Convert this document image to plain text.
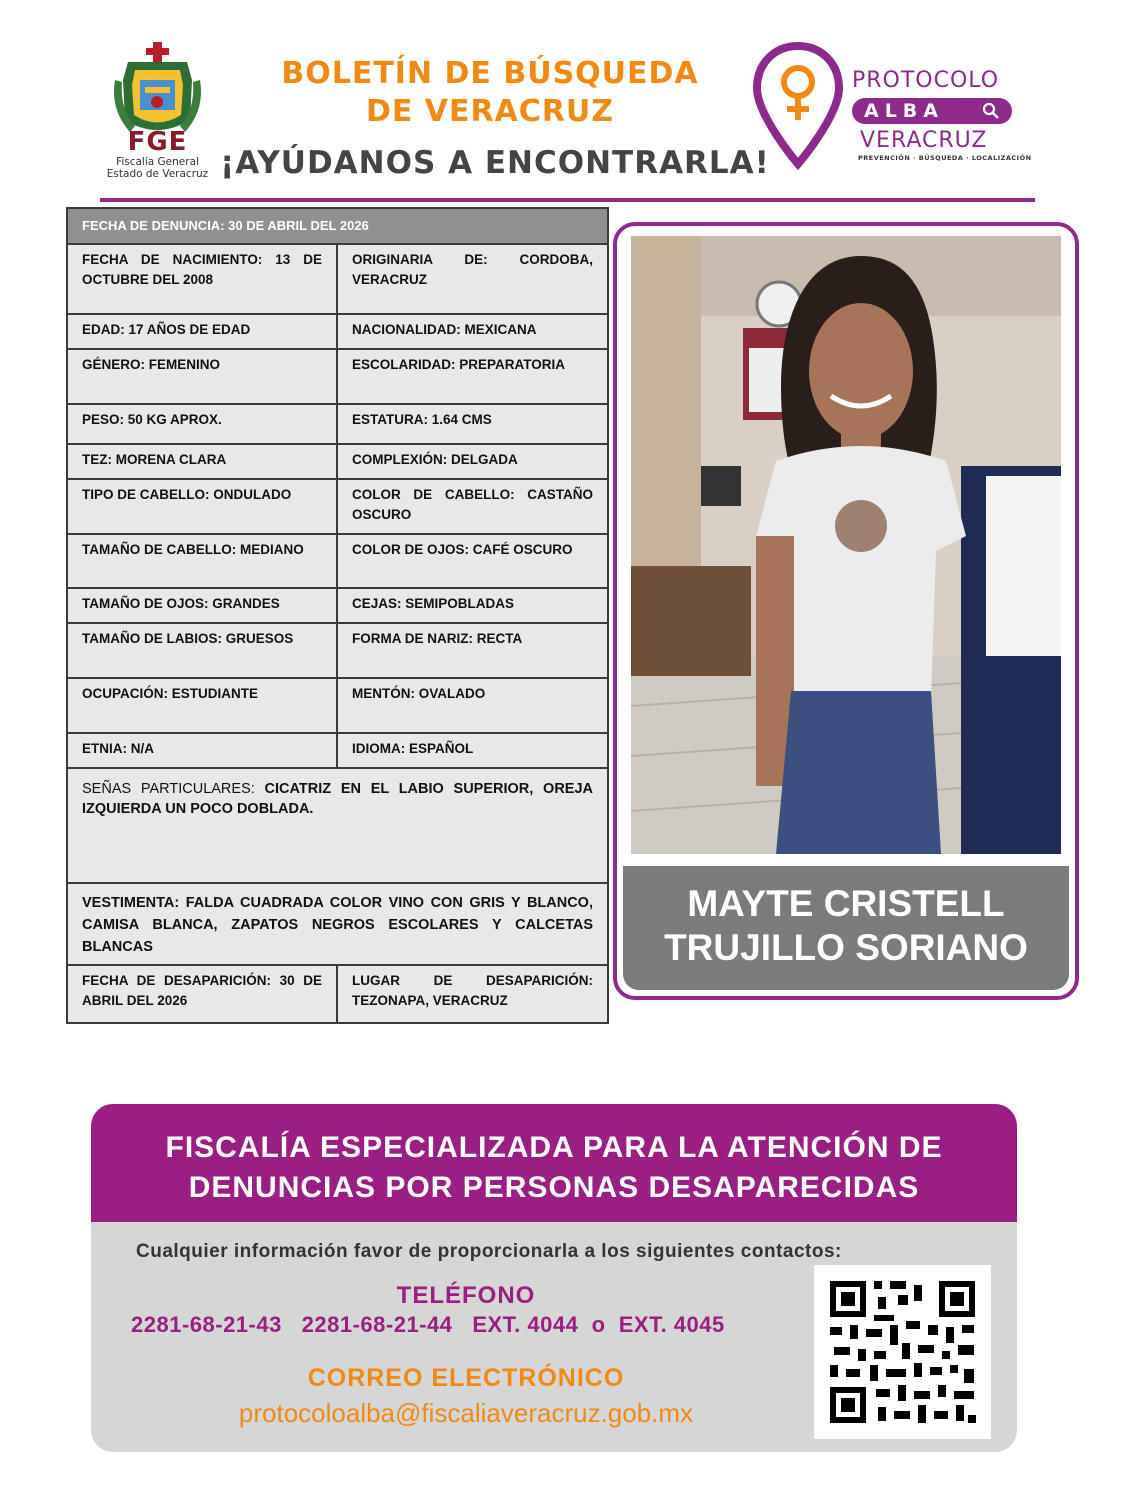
FGE
Fiscalía General
Estado de Veracruz
BOLETÍN DE BÚSQUEDA
DE VERACRUZ
¡AYÚDANOS A ENCONTRARLA!
PROTOCOLO
ALBA
VERACRUZ
PREVENCIÓN · BÚSQUEDA · LOCALIZACIÓN
FECHA DE DENUNCIA: 30 DE ABRIL DEL 2026	
FECHA DE NACIMIENTO: 13 DE OCTUBRE DEL 2008	ORIGINARIA DE: CORDOBA, VERACRUZ
EDAD: 17 AÑOS DE EDAD	NACIONALIDAD: MEXICANA
GÉNERO: FEMENINO	ESCOLARIDAD: PREPARATORIA
PESO: 50 KG APROX.	ESTATURA: 1.64 CMS
TEZ: MORENA CLARA	COMPLEXIÓN: DELGADA
TIPO DE CABELLO: ONDULADO	COLOR DE CABELLO: CASTAÑO OSCURO
TAMAÑO DE CABELLO: MEDIANO	COLOR DE OJOS: CAFÉ OSCURO
TAMAÑO DE OJOS: GRANDES	CEJAS: SEMIPOBLADAS
TAMAÑO DE LABIOS: GRUESOS	FORMA DE NARIZ: RECTA
OCUPACIÓN: ESTUDIANTE	MENTÓN: OVALADO
ETNIA: N/A	IDIOMA: ESPAÑOL
SEÑAS PARTICULARES: CICATRIZ EN EL LABIO SUPERIOR, OREJA IZQUIERDA UN POCO DOBLADA.	
VESTIMENTA: FALDA CUADRADA COLOR VINO CON GRIS Y BLANCO, CAMISA BLANCA, ZAPATOS NEGROS ESCOLARES Y CALCETAS BLANCAS	
FECHA DE DESAPARICIÓN: 30 DE ABRIL DEL 2026	LUGAR DE DESAPARICIÓN: TEZONAPA, VERACRUZ
MAYTE CRISTELL
TRUJILLO SORIANO
FISCALÍA ESPECIALIZADA PARA LA ATENCIÓN DE
DENUNCIAS POR PERSONAS DESAPARECIDAS
Cualquier información favor de proporcionarla a los siguientes contactos:
TELÉFONO
2281-68-21-43   2281-68-21-44   EXT. 4044  o  EXT. 4045
CORREO ELECTRÓNICO
protocoloalba@fiscaliaveracruz.gob.mx
